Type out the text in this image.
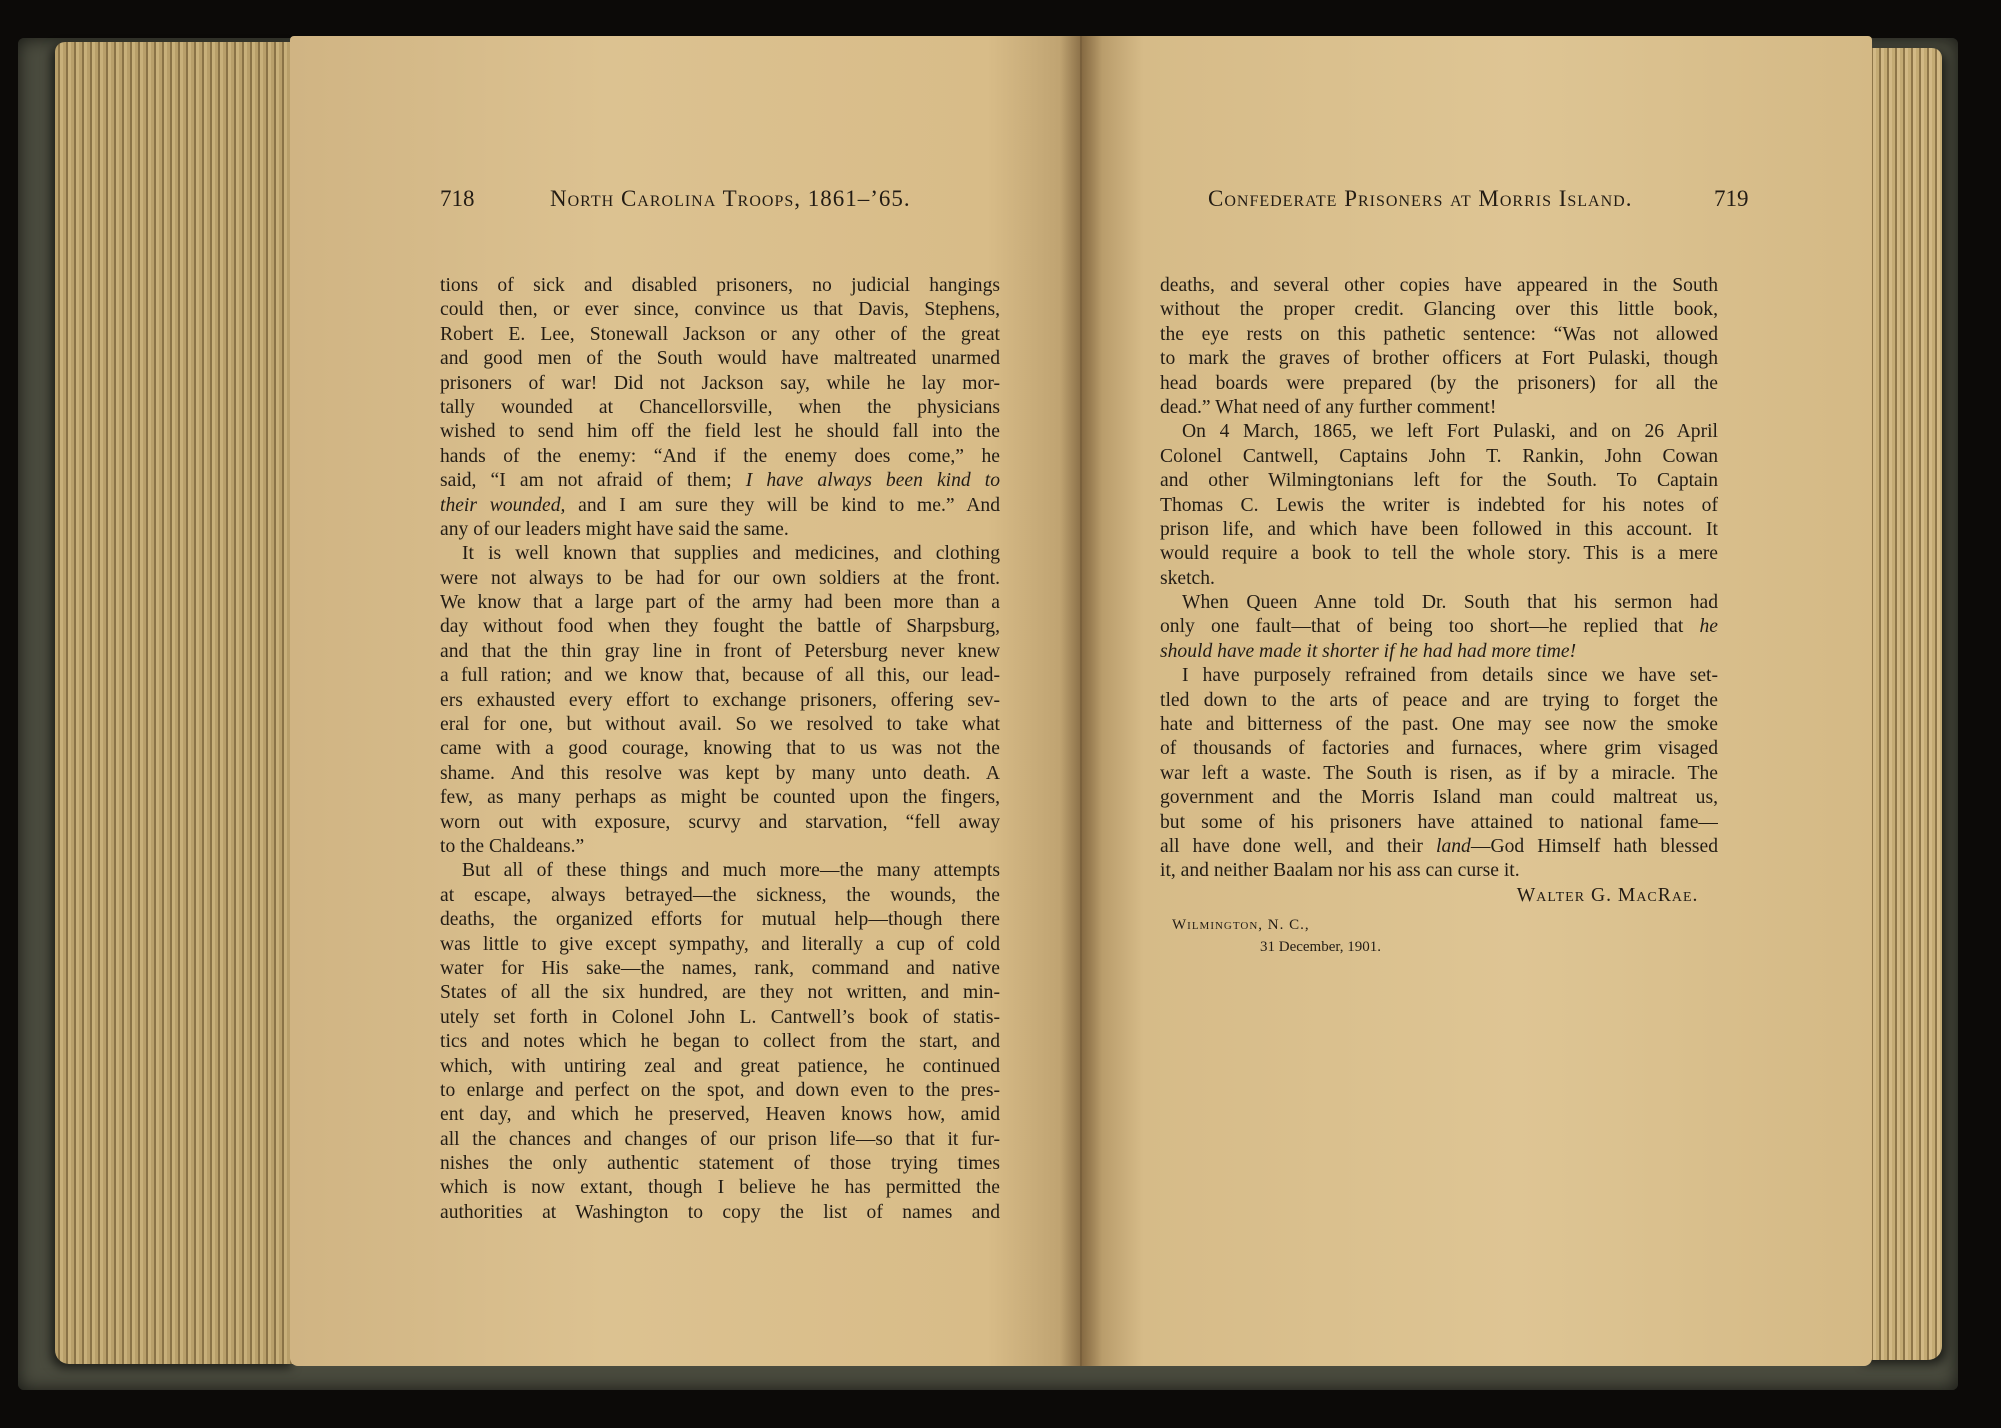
718	North Carolina Troops, 1861–’65.
tions of sick and disabled prisoners, no judicial hangings
could then, or ever since, convince us that Davis, Stephens,
Robert E. Lee, Stonewall Jackson or any other of the great
and good men of the South would have maltreated unarmed
prisoners of war! Did not Jackson say, while he lay mor-
tally wounded at Chancellorsville, when the physicians
wished to send him off the field lest he should fall into the
hands of the enemy: “And if the enemy does come,” he
said, “I am not afraid of them; I have always been kind to
their wounded, and I am sure they will be kind to me.” And
any of our leaders might have said the same.
It is well known that supplies and medicines, and clothing
were not always to be had for our own soldiers at the front.
We know that a large part of the army had been more than a
day without food when they fought the battle of Sharpsburg,
and that the thin gray line in front of Petersburg never knew
a full ration; and we know that, because of all this, our lead-
ers exhausted every effort to exchange prisoners, offering sev-
eral for one, but without avail. So we resolved to take what
came with a good courage, knowing that to us was not the
shame. And this resolve was kept by many unto death. A
few, as many perhaps as might be counted upon the fingers,
worn out with exposure, scurvy and starvation, “fell away
to the Chaldeans.”
But all of these things and much more—the many attempts
at escape, always betrayed—the sickness, the wounds, the
deaths, the organized efforts for mutual help—though there
was little to give except sympathy, and literally a cup of cold
water for His sake—the names, rank, command and native
States of all the six hundred, are they not written, and min-
utely set forth in Colonel John L. Cantwell’s book of statis-
tics and notes which he began to collect from the start, and
which, with untiring zeal and great patience, he continued
to enlarge and perfect on the spot, and down even to the pres-
ent day, and which he preserved, Heaven knows how, amid
all the chances and changes of our prison life—so that it fur-
nishes the only authentic statement of those trying times
which is now extant, though I believe he has permitted the
authorities at Washington to copy the list of names and
Confederate Prisoners at Morris Island.	719
deaths, and several other copies have appeared in the South
without the proper credit. Glancing over this little book,
the eye rests on this pathetic sentence: “Was not allowed
to mark the graves of brother officers at Fort Pulaski, though
head boards were prepared (by the prisoners) for all the
dead.” What need of any further comment!
On 4 March, 1865, we left Fort Pulaski, and on 26 April
Colonel Cantwell, Captains John T. Rankin, John Cowan
and other Wilmingtonians left for the South. To Captain
Thomas C. Lewis the writer is indebted for his notes of
prison life, and which have been followed in this account. It
would require a book to tell the whole story. This is a mere
sketch.
When Queen Anne told Dr. South that his sermon had
only one fault—that of being too short—he replied that he
should have made it shorter if he had had more time!
I have purposely refrained from details since we have set-
tled down to the arts of peace and are trying to forget the
hate and bitterness of the past. One may see now the smoke
of thousands of factories and furnaces, where grim visaged
war left a waste. The South is risen, as if by a miracle. The
government and the Morris Island man could maltreat us,
but some of his prisoners have attained to national fame—
all have done well, and their land—God Himself hath blessed
it, and neither Baalam nor his ass can curse it.
Walter G. MacRae.
Wilmington, N. C.,
31 December, 1901.
